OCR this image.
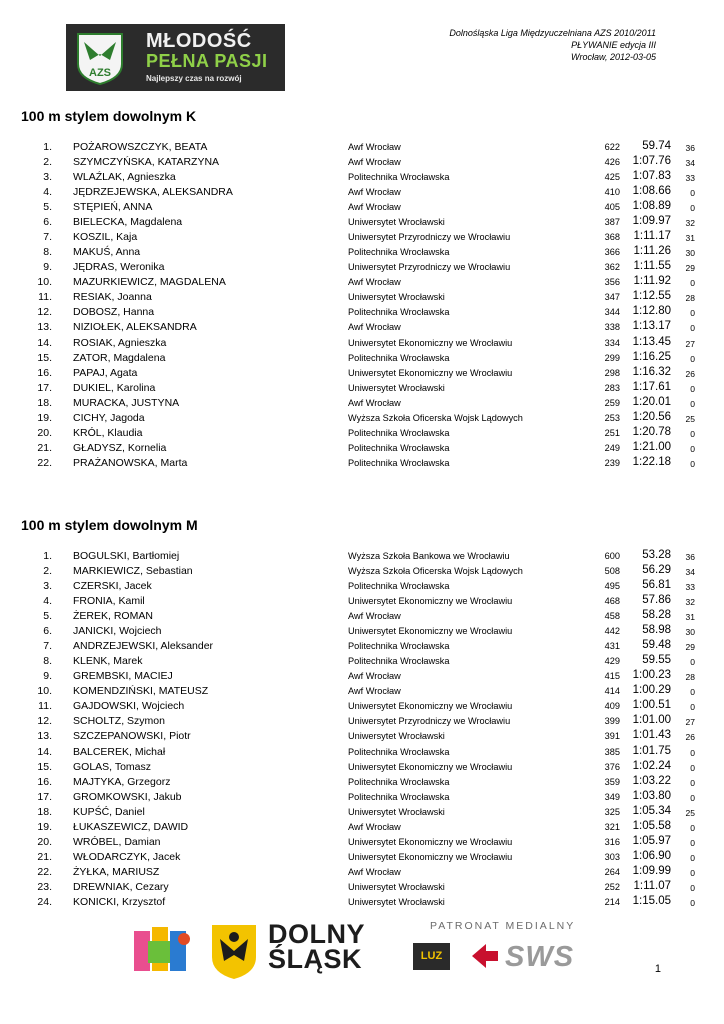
AZS
MŁODOŚĆ
PEŁNA PASJI
Najlepszy czas na rozwój
Dolnośląska Liga Międzyuczelniana AZS 2010/2011
PŁYWANIE edycja III
Wrocław, 2012-03-05
100 m stylem dowolnym K
1. POŻAROWSZCZYK, BEATA	Awf Wrocław	622 59.74 36
2. SZYMCZYŃSKA, KATARZYNA	Awf Wrocław	426 1:07.76 34
3. WLAŹLAK, Agnieszka	Politechnika Wrocławska	425 1:07.83 33
4. JĘDRZEJEWSKA, ALEKSANDRA	Awf Wrocław	410 1:08.66 0
5. STĘPIEŃ, ANNA	Awf Wrocław	405 1:08.89 0
6. BIELECKA, Magdalena	Uniwersytet Wrocławski	387 1:09.97 32
7. KOSZIL, Kaja	Uniwersytet Przyrodniczy we Wrocławiu	368 1:11.17 31
8. MAKUŚ, Anna	Politechnika Wrocławska	366 1:11.26 30
9. JĘDRAS, Weronika	Uniwersytet Przyrodniczy we Wrocławiu	362 1:11.55 29
10. MAZURKIEWICZ, MAGDALENA	Awf Wrocław	356 1:11.92 0
11. RESIAK, Joanna	Uniwersytet Wrocławski	347 1:12.55 28
12. DOBOSZ, Hanna	Politechnika Wrocławska	344 1:12.80 0
13. NIZIOŁEK, ALEKSANDRA	Awf Wrocław	338 1:13.17 0
14. ROSIAK, Agnieszka	Uniwersytet Ekonomiczny we Wrocławiu	334 1:13.45 27
15. ZATOR, Magdalena	Politechnika Wrocławska	299 1:16.25 0
16. PAPAJ, Agata	Uniwersytet Ekonomiczny we Wrocławiu	298 1:16.32 26
17. DUKIEL, Karolina	Uniwersytet Wrocławski	283 1:17.61 0
18. MURACKA, JUSTYNA	Awf Wrocław	259 1:20.01 0
19. CICHY, Jagoda	Wyższa Szkoła Oficerska Wojsk Lądowych	253 1:20.56 25
20. KRÓL, Klaudia	Politechnika Wrocławska	251 1:20.78 0
21. GŁADYSZ, Kornelia	Politechnika Wrocławska	249 1:21.00 0
22. PRAŻANOWSKA, Marta	Politechnika Wrocławska	239 1:22.18 0
100 m stylem dowolnym M
1. BOGULSKI, Bartłomiej	Wyższa Szkoła Bankowa we Wrocławiu	600 53.28 36
2. MARKIEWICZ, Sebastian	Wyższa Szkoła Oficerska Wojsk Lądowych	508 56.29 34
3. CZERSKI, Jacek	Politechnika Wrocławska	495 56.81 33
4. FRONIA, Kamil	Uniwersytet Ekonomiczny we Wrocławiu	468 57.86 32
5. ŻEREK, ROMAN	Awf Wrocław	458 58.28 31
6. JANICKI, Wojciech	Uniwersytet Ekonomiczny we Wrocławiu	442 58.98 30
7. ANDRZEJEWSKI, Aleksander	Politechnika Wrocławska	431 59.48 29
8. KLENK, Marek	Politechnika Wrocławska	429 59.55 0
9. GREMBSKI, MACIEJ	Awf Wrocław	415 1:00.23 28
10. KOMENDZIŃSKI, MATEUSZ	Awf Wrocław	414 1:00.29 0
11. GAJDOWSKI, Wojciech	Uniwersytet Ekonomiczny we Wrocławiu	409 1:00.51 0
12. SCHOLTZ, Szymon	Uniwersytet Przyrodniczy we Wrocławiu	399 1:01.00 27
13. SZCZEPANOWSKI, Piotr	Uniwersytet Wrocławski	391 1:01.43 26
14. BALCEREK, Michał	Politechnika Wrocławska	385 1:01.75 0
15. GOLAS, Tomasz	Uniwersytet Ekonomiczny we Wrocławiu	376 1:02.24 0
16. MAJTYKA, Grzegorz	Politechnika Wrocławska	359 1:03.22 0
17. GROMKOWSKI, Jakub	Politechnika Wrocławska	349 1:03.80 0
18. KUPŚĆ, Daniel	Uniwersytet Wrocławski	325 1:05.34 25
19. ŁUKASZEWICZ, DAWID	Awf Wrocław	321 1:05.58 0
20. WRÓBEL, Damian	Uniwersytet Ekonomiczny we Wrocławiu	316 1:05.97 0
21. WŁODARCZYK, Jacek	Uniwersytet Ekonomiczny we Wrocławiu	303 1:06.90 0
22. ŻYŁKA, MARIUSZ	Awf Wrocław	264 1:09.99 0
23. DREWNIAK, Cezary	Uniwersytet Wrocławski	252 1:11.07 0
24. KONICKI, Krzysztof	Uniwersytet Wrocławski	214 1:15.05 0
DOLNY
ŚLĄSK
PATRONAT MEDIALNY
LUZ SWS	1
